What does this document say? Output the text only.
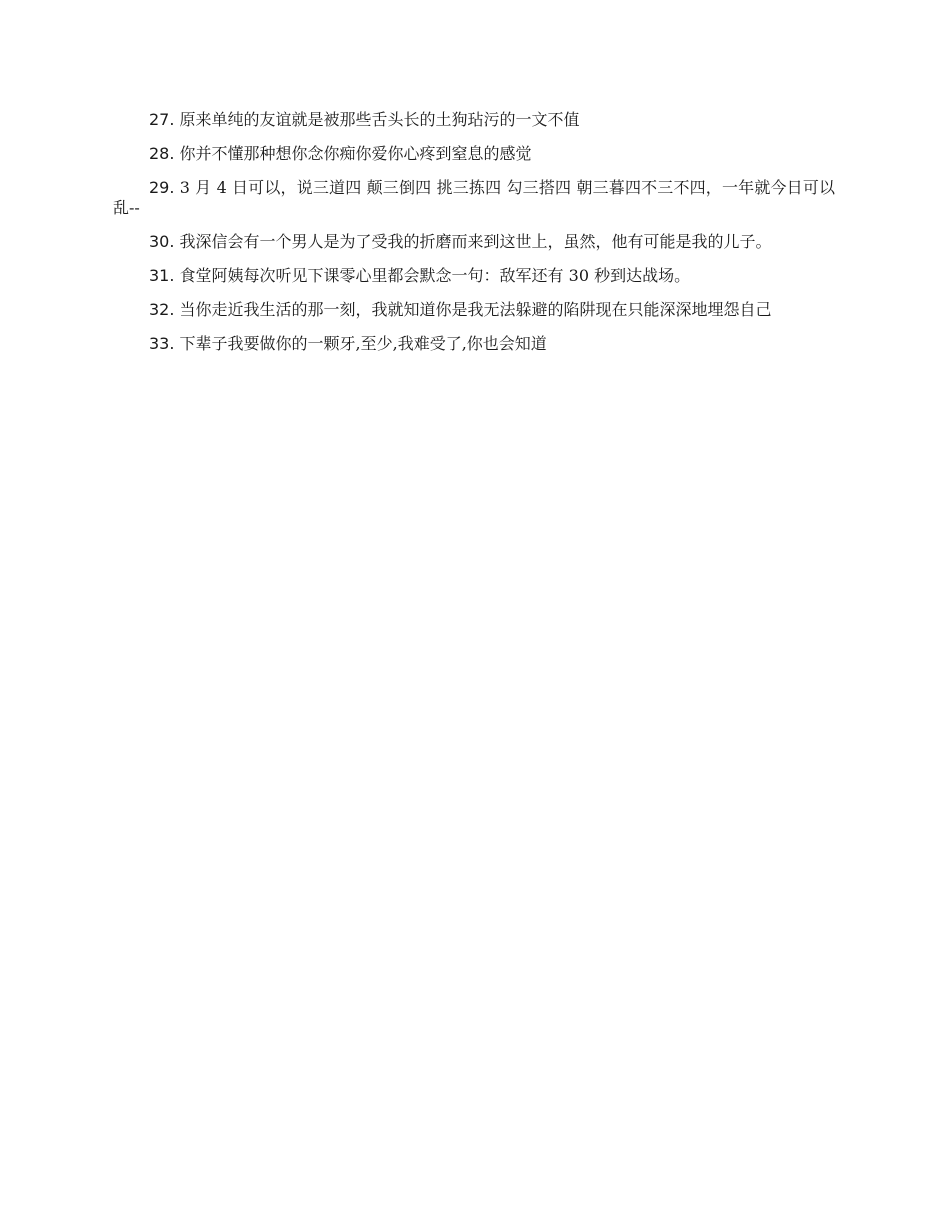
27. 原来单纯的友谊就是被那些舌头长的土狗玷污的一文不值

28. 你并不懂那种想你念你痴你爱你心疼到窒息的感觉

29. 3 月 4 日可以，说三道四 颠三倒四 挑三拣四 勾三搭四 朝三暮四不三不四，一年就今日可以乱--

30. 我深信会有一个男人是为了受我的折磨而来到这世上，虽然，他有可能是我的儿子。

31. 食堂阿姨每次听见下课零心里都会默念一句：敌军还有 30 秒到达战场。

32. 当你走近我生活的那一刻，我就知道你是我无法躲避的陷阱现在只能深深地埋怨自己

33. 下辈子我要做你的一颗牙,至少,我难受了,你也会知道
